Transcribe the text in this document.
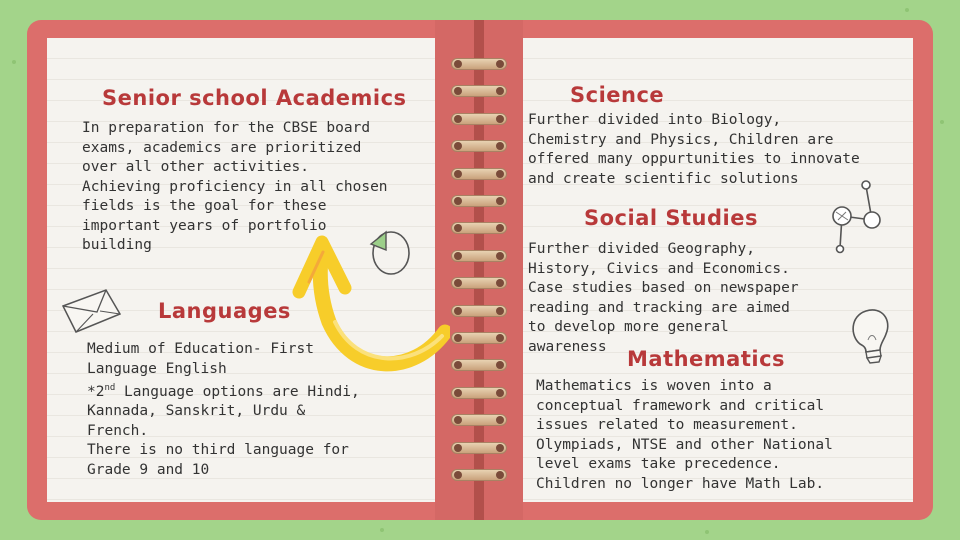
Senior school Academics

In preparation for the CBSE board

exams, academics are prioritized

over all other activities.

Achieving proficiency in all chosen

fields is the goal for these

important years of portfolio

building

Languages

Medium of Education- First

Language English

*2nd Language options are Hindi,

Kannada, Sanskrit, Urdu &

French.

There is no third language for

Grade 9 and 10

Science

Further divided into Biology,

Chemistry and Physics, Children are

offered many oppurtunities to innovate

and create scientific solutions

Social Studies

Further divided Geography,

History, Civics and Economics.

Case studies based on newspaper

reading and tracking are aimed

to develop more general

awareness

Mathematics

Mathematics is woven into a

conceptual framework and critical

issues related to measurement.

Olympiads, NTSE and other National

level exams take precedence.

Children no longer have Math Lab.
